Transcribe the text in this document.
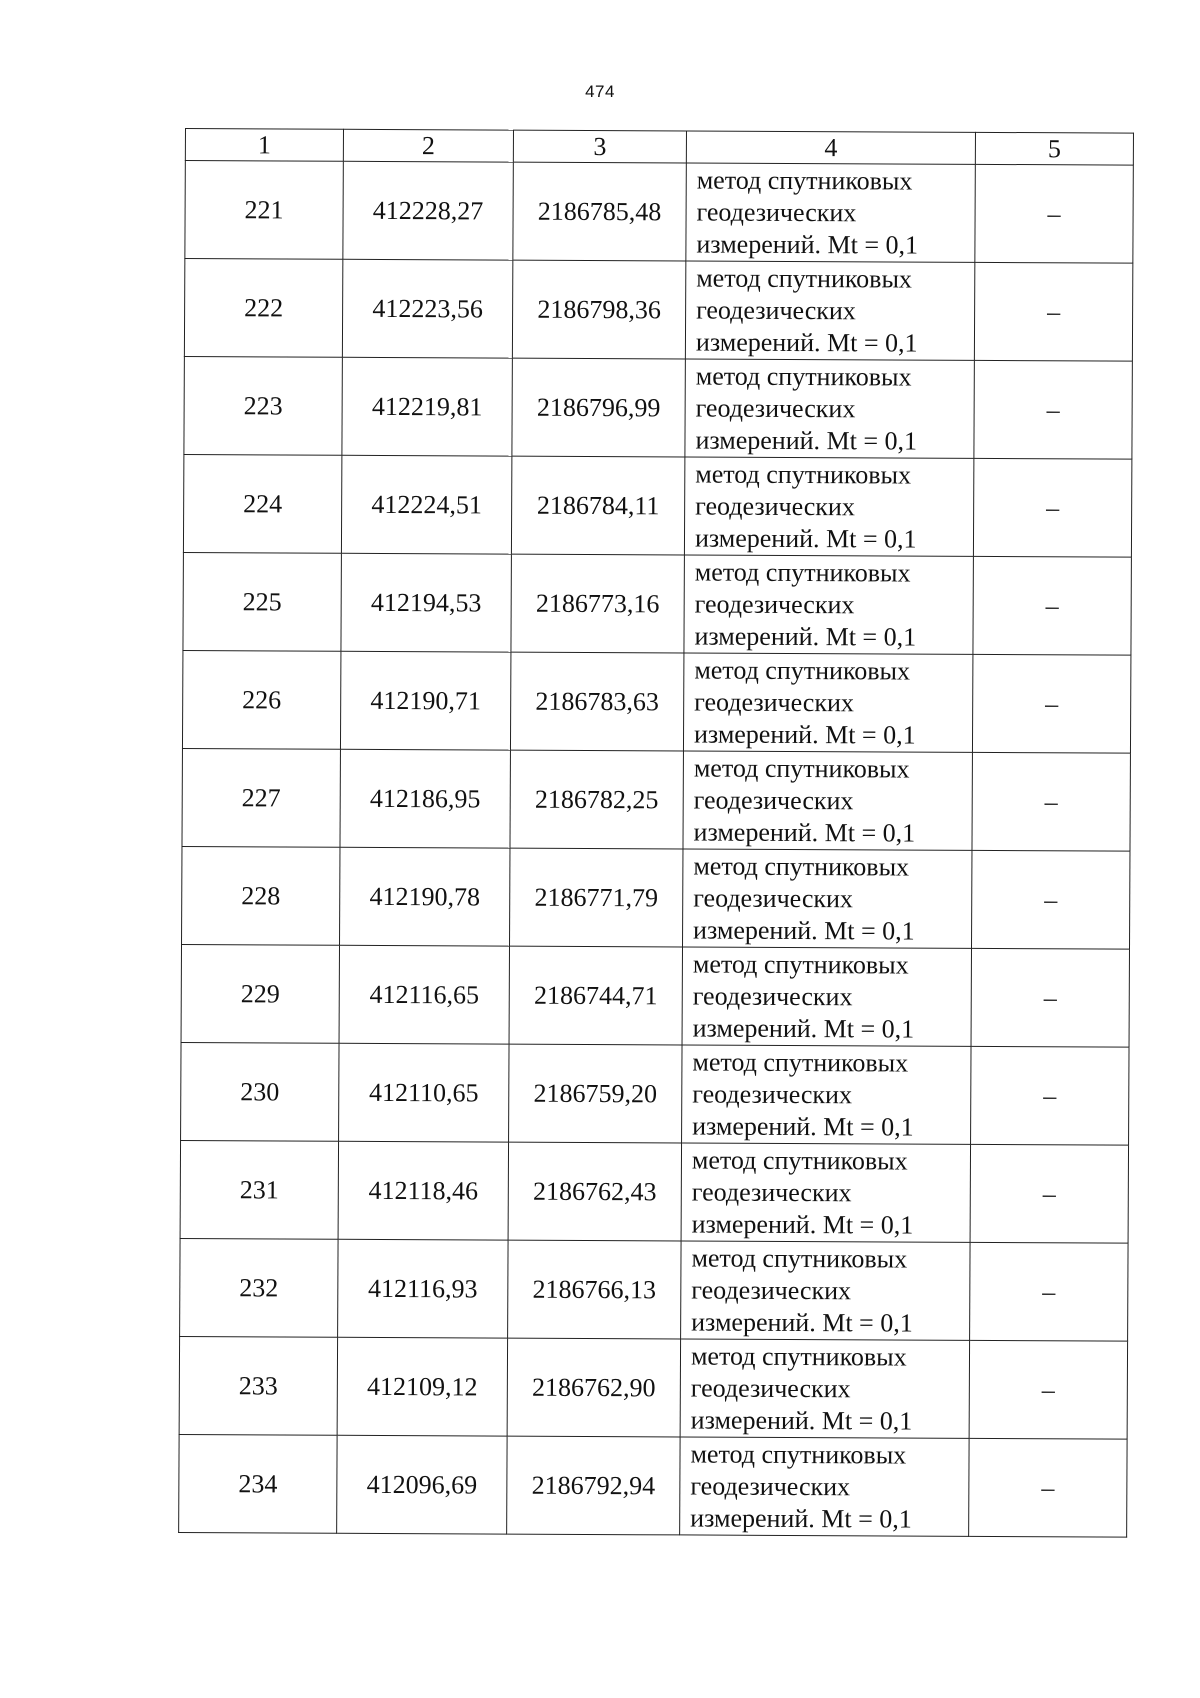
474
1	2	3	4	5
221	412228,27	2186785,48	метод спутниковых
геодезических
измерений. Mt = 0,1	–
222	412223,56	2186798,36	метод спутниковых
геодезических
измерений. Mt = 0,1	–
223	412219,81	2186796,99	метод спутниковых
геодезических
измерений. Mt = 0,1	–
224	412224,51	2186784,11	метод спутниковых
геодезических
измерений. Mt = 0,1	–
225	412194,53	2186773,16	метод спутниковых
геодезических
измерений. Mt = 0,1	–
226	412190,71	2186783,63	метод спутниковых
геодезических
измерений. Mt = 0,1	–
227	412186,95	2186782,25	метод спутниковых
геодезических
измерений. Mt = 0,1	–
228	412190,78	2186771,79	метод спутниковых
геодезических
измерений. Mt = 0,1	–
229	412116,65	2186744,71	метод спутниковых
геодезических
измерений. Mt = 0,1	–
230	412110,65	2186759,20	метод спутниковых
геодезических
измерений. Mt = 0,1	–
231	412118,46	2186762,43	метод спутниковых
геодезических
измерений. Mt = 0,1	–
232	412116,93	2186766,13	метод спутниковых
геодезических
измерений. Mt = 0,1	–
233	412109,12	2186762,90	метод спутниковых
геодезических
измерений. Mt = 0,1	–
234	412096,69	2186792,94	метод спутниковых
геодезических
измерений. Mt = 0,1	–
